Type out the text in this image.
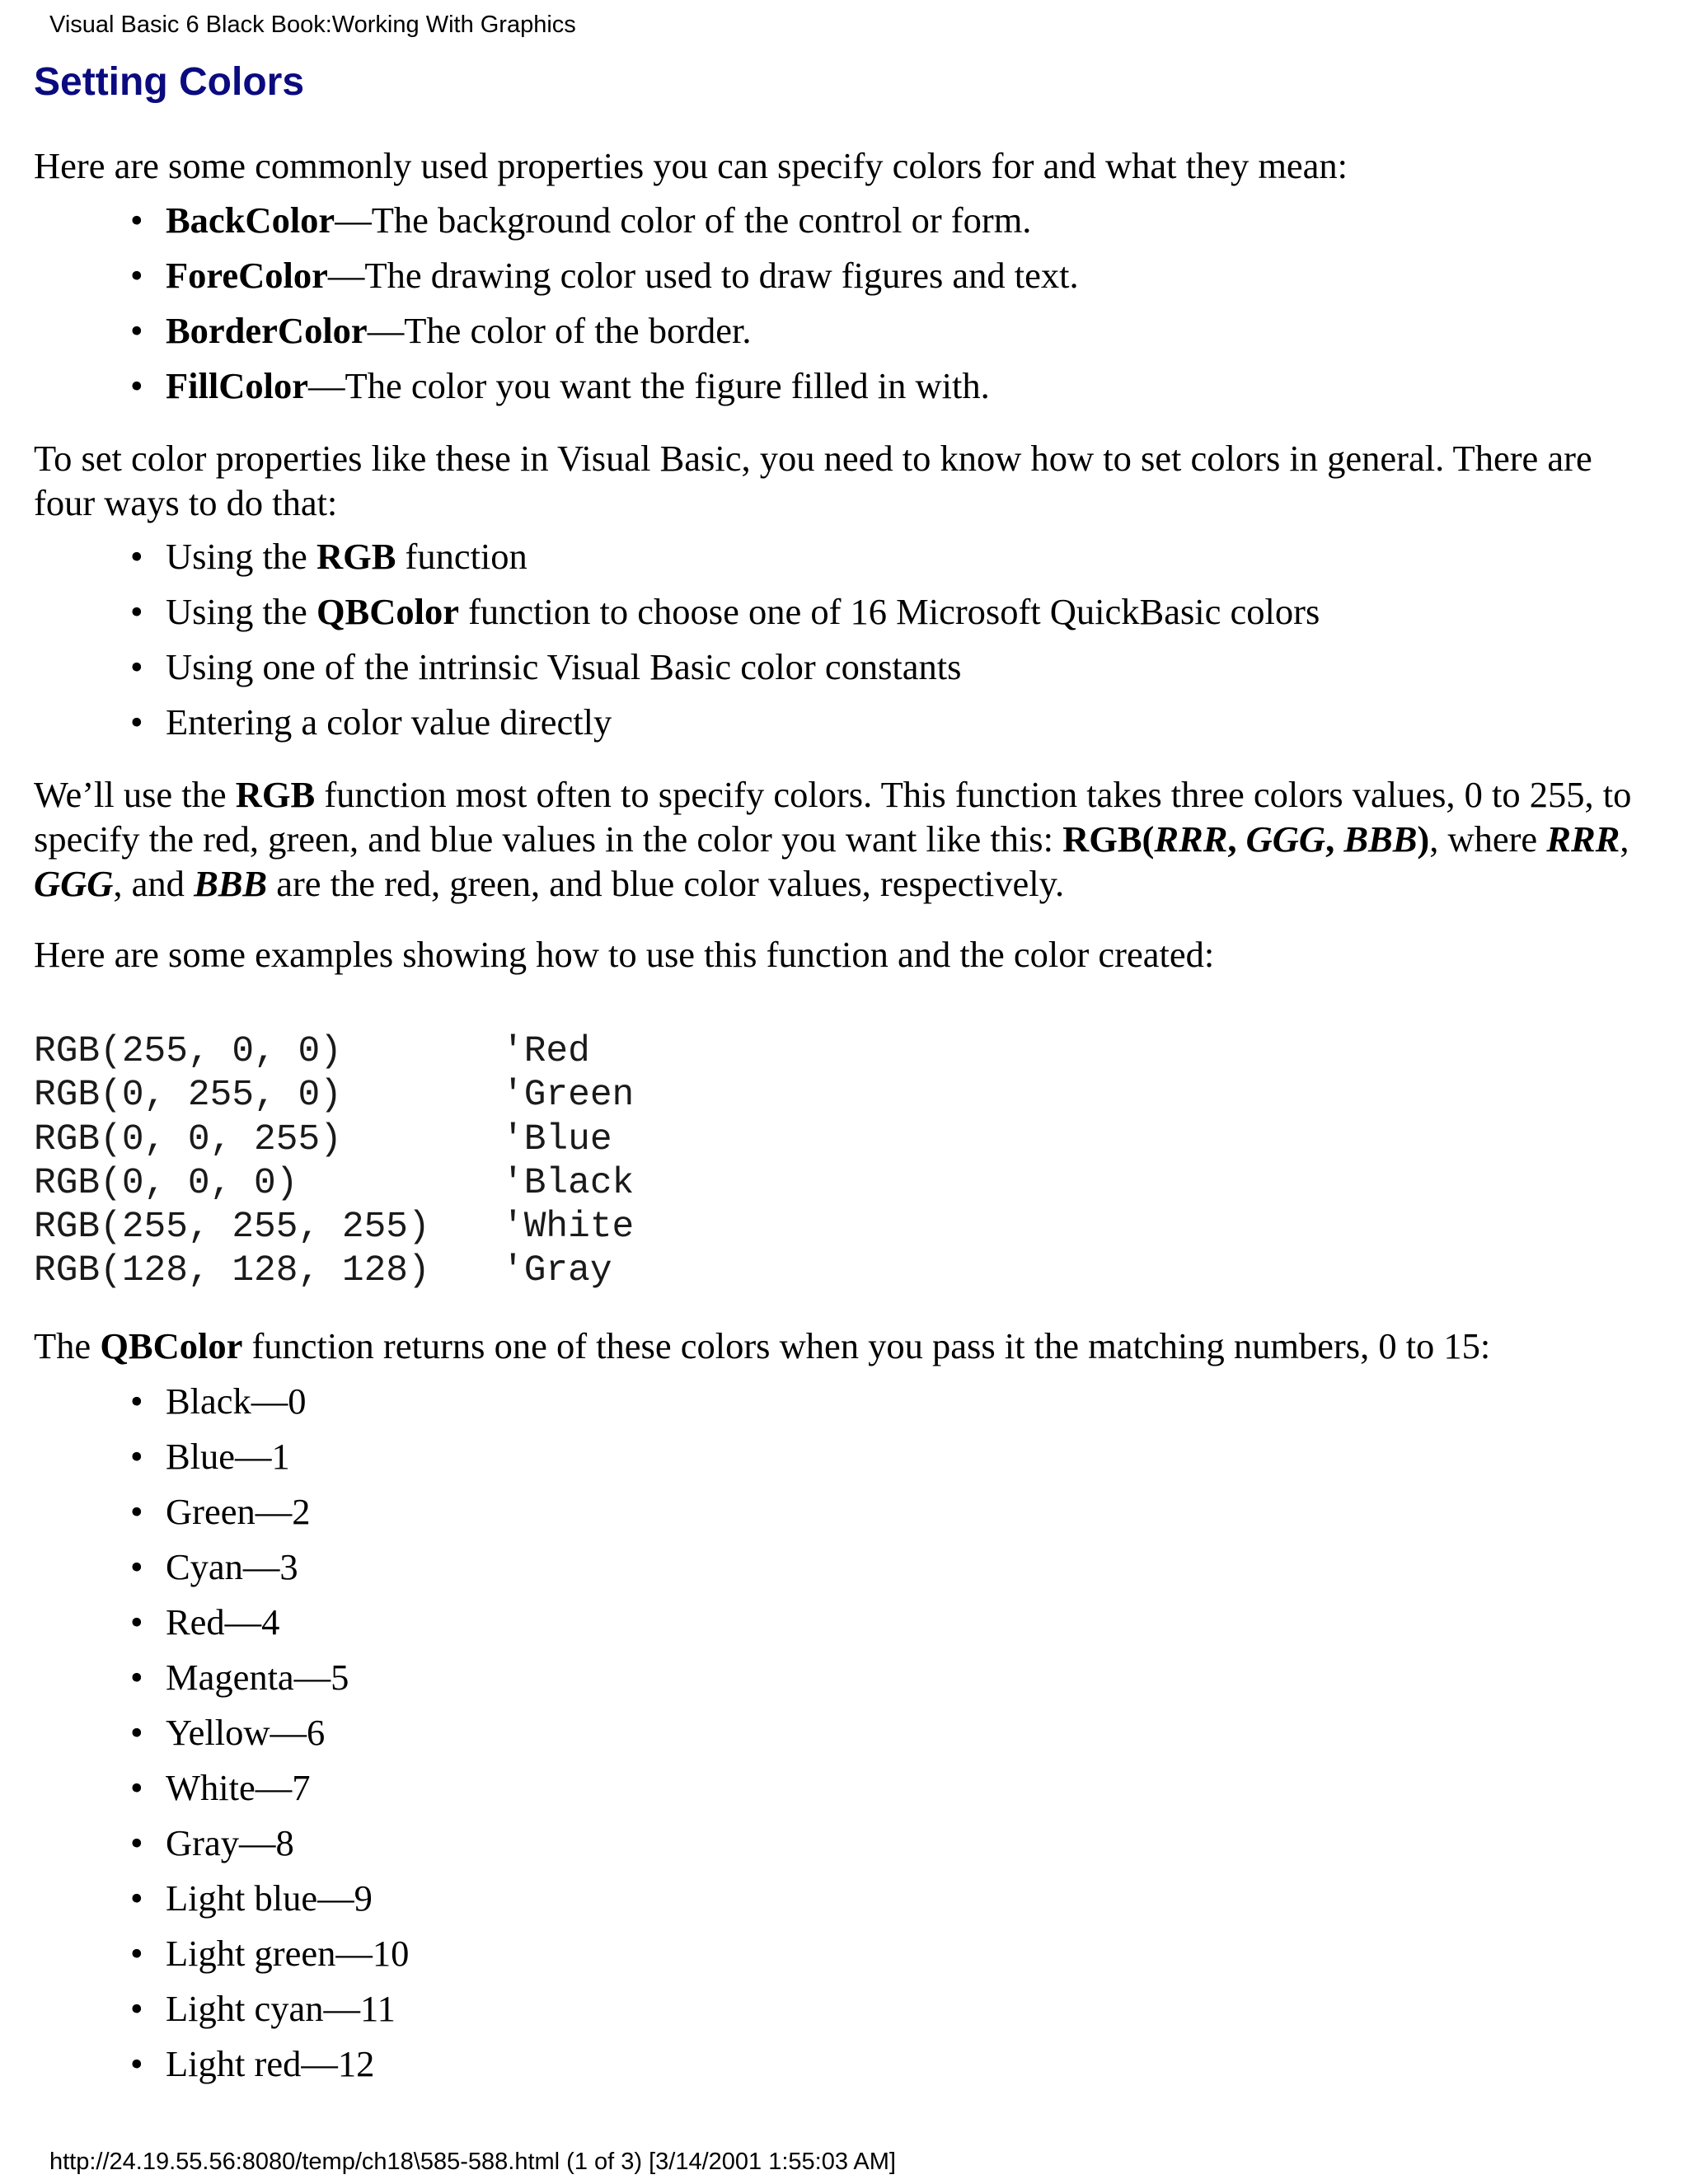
Visual Basic 6 Black Book:Working With Graphics
Setting Colors

Here are some commonly used properties you can specify colors for and what they mean:

• BackColor—The background color of the control or form.
• ForeColor—The drawing color used to draw figures and text.
• BorderColor—The color of the border.
• FillColor—The color you want the figure filled in with.

To set color properties like these in Visual Basic, you need to know how to set colors in general. There are four ways to do that:

• Using the RGB function
• Using the QBColor function to choose one of 16 Microsoft QuickBasic colors
• Using one of the intrinsic Visual Basic color constants
• Entering a color value directly

We’ll use the RGB function most often to specify colors. This function takes three colors values, 0 to 255, to specify the red, green, and blue values in the color you want like this: RGB(RRR, GGG, BBB), where RRR, GGG, and BBB are the red, green, and blue color values, respectively.

Here are some examples showing how to use this function and the color created:

RGB(255, 0, 0)	'Red
RGB(0, 255, 0)	'Green
RGB(0, 0, 255)	'Blue
RGB(0, 0, 0)	'Black
RGB(255, 255, 255) 'White
RGB(128, 128, 128) 'Gray

The QBColor function returns one of these colors when you pass it the matching numbers, 0 to 15:

• Black—0
• Blue—1
• Green—2
• Cyan—3
• Red—4
• Magenta—5
• Yellow—6
• White—7
• Gray—8
• Light blue—9
• Light green—10
• Light cyan—11
• Light red—12
http://24.19.55.56:8080/temp/ch18\585-588.html (1 of 3) [3/14/2001 1:55:03 AM]
